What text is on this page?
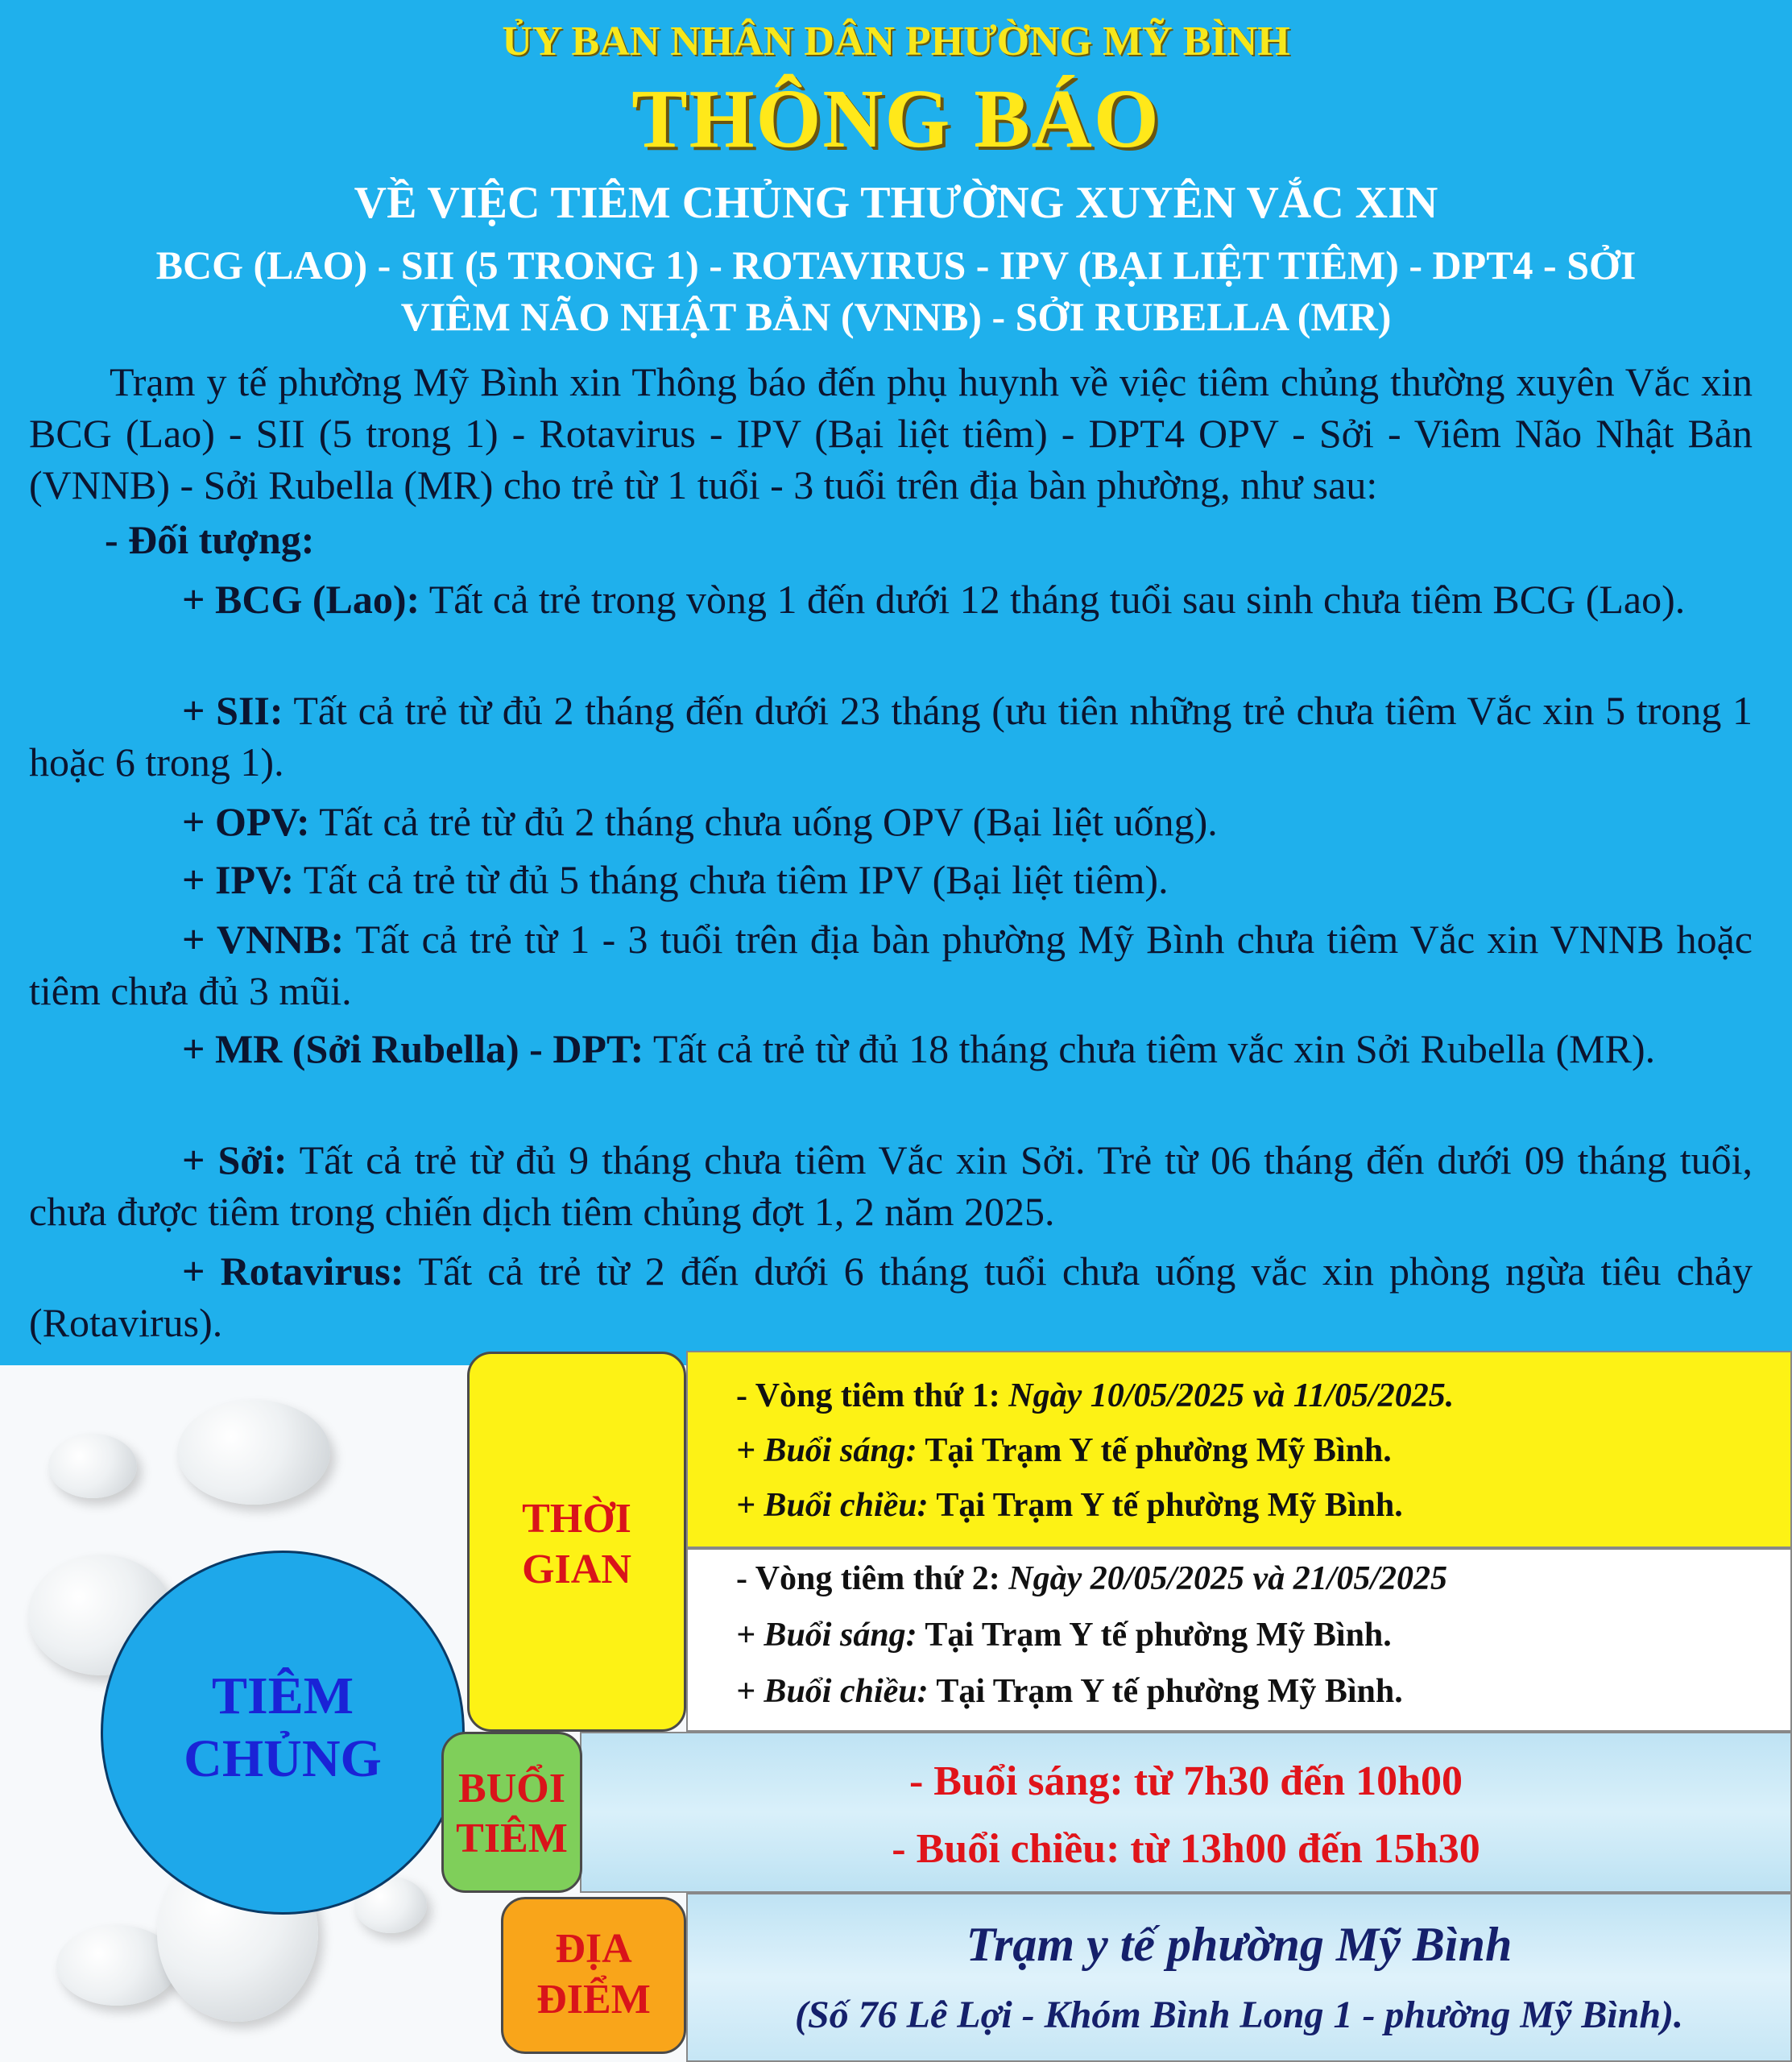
ỦY BAN NHÂN DÂN PHƯỜNG MỸ BÌNH
THÔNG BÁO
VỀ VIỆC TIÊM CHỦNG THƯỜNG XUYÊN VẮC XIN
BCG (LAO) - SII (5 TRONG 1) - ROTAVIRUS - IPV (BẠI LIỆT TIÊM) - DPT4 - SỞI
VIÊM NÃO NHẬT BẢN (VNNB) - SỞI RUBELLA (MR)
Trạm y tế phường Mỹ Bình xin Thông báo đến phụ huynh về việc tiêm chủng thường xuyên Vắc xin BCG (Lao) - SII (5 trong 1) - Rotavirus - IPV (Bại liệt tiêm) - DPT4 OPV - Sởi - Viêm Não Nhật Bản (VNNB) - Sởi Rubella (MR) cho trẻ từ 1 tuổi - 3 tuổi trên địa bàn phường, như sau:
- Đối tượng:
+ BCG (Lao): Tất cả trẻ trong vòng 1 đến dưới 12 tháng tuổi sau sinh chưa tiêm BCG (Lao).
+ SII: Tất cả trẻ từ đủ 2 tháng đến dưới 23 tháng (ưu tiên những trẻ chưa tiêm Vắc xin 5 trong 1 hoặc 6 trong 1).
+ OPV: Tất cả trẻ từ đủ 2 tháng chưa uống OPV (Bại liệt uống).
+ IPV: Tất cả trẻ từ đủ 5 tháng chưa tiêm IPV (Bại liệt tiêm).
+ VNNB: Tất cả trẻ từ 1 - 3 tuổi trên địa bàn phường Mỹ Bình chưa tiêm Vắc xin VNNB hoặc tiêm chưa đủ 3 mũi.
+ MR (Sởi Rubella) - DPT: Tất cả trẻ từ đủ 18 tháng chưa tiêm vắc xin Sởi Rubella (MR).
+ Sởi: Tất cả trẻ từ đủ 9 tháng chưa tiêm Vắc xin Sởi. Trẻ từ 06 tháng đến dưới 09 tháng tuổi, chưa được tiêm trong chiến dịch tiêm chủng đợt 1, 2 năm 2025.
+ Rotavirus: Tất cả trẻ từ 2 đến dưới 6 tháng tuổi chưa uống vắc xin phòng ngừa tiêu chảy (Rotavirus).
TIÊM
CHỦNG
- Vòng tiêm thứ 1: Ngày 10/05/2025 và 11/05/2025.
+ Buổi sáng: Tại Trạm Y tế phường Mỹ Bình.
+ Buổi chiều: Tại Trạm Y tế phường Mỹ Bình.
- Vòng tiêm thứ 2: Ngày 20/05/2025 và 21/05/2025
+ Buổi sáng: Tại Trạm Y tế phường Mỹ Bình.
+ Buổi chiều: Tại Trạm Y tế phường Mỹ Bình.
- Buổi sáng: từ 7h30 đến 10h00
- Buổi chiều: từ 13h00 đến 15h30
Trạm y tế phường Mỹ Bình
(Số 76 Lê Lợi - Khóm Bình Long 1 - phường Mỹ Bình).
THỜI
GIAN
BUỔI
TIÊM
ĐỊA
ĐIỂM
